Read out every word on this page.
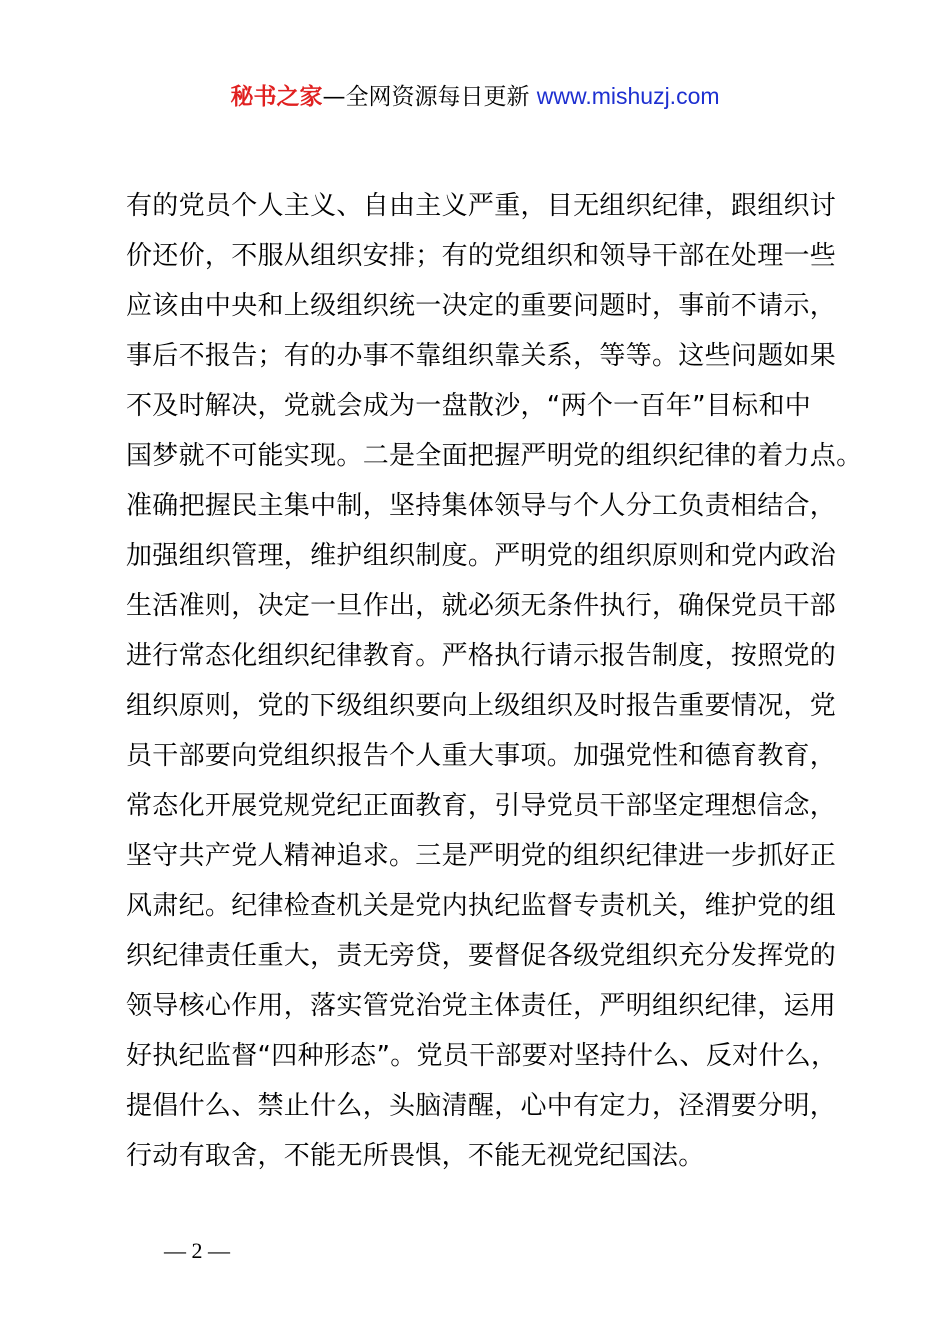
秘书之家—全网资源每日更新 www.mishuzj.com
有的党员个人主义、自由主义严重，目无组织纪律，跟组织讨
价还价，不服从组织安排；有的党组织和领导干部在处理一些
应该由中央和上级组织统一决定的重要问题时，事前不请示，
事后不报告；有的办事不靠组织靠关系，等等。这些问题如果
不及时解决，党就会成为一盘散沙，“两个一百年”目标和中
国梦就不可能实现。二是全面把握严明党的组织纪律的着力点。
准确把握民主集中制，坚持集体领导与个人分工负责相结合，
加强组织管理，维护组织制度。严明党的组织原则和党内政治
生活准则，决定一旦作出，就必须无条件执行，确保党员干部
进行常态化组织纪律教育。严格执行请示报告制度，按照党的
组织原则，党的下级组织要向上级组织及时报告重要情况，党
员干部要向党组织报告个人重大事项。加强党性和德育教育，
常态化开展党规党纪正面教育，引导党员干部坚定理想信念，
坚守共产党人精神追求。三是严明党的组织纪律进一步抓好正
风肃纪。纪律检查机关是党内执纪监督专责机关，维护党的组
织纪律责任重大，责无旁贷，要督促各级党组织充分发挥党的
领导核心作用，落实管党治党主体责任，严明组织纪律，运用
好执纪监督“四种形态”。党员干部要对坚持什么、反对什么，
提倡什么、禁止什么，头脑清醒，心中有定力，泾渭要分明，
行动有取舍，不能无所畏惧，不能无视党纪国法。
— 2 —
